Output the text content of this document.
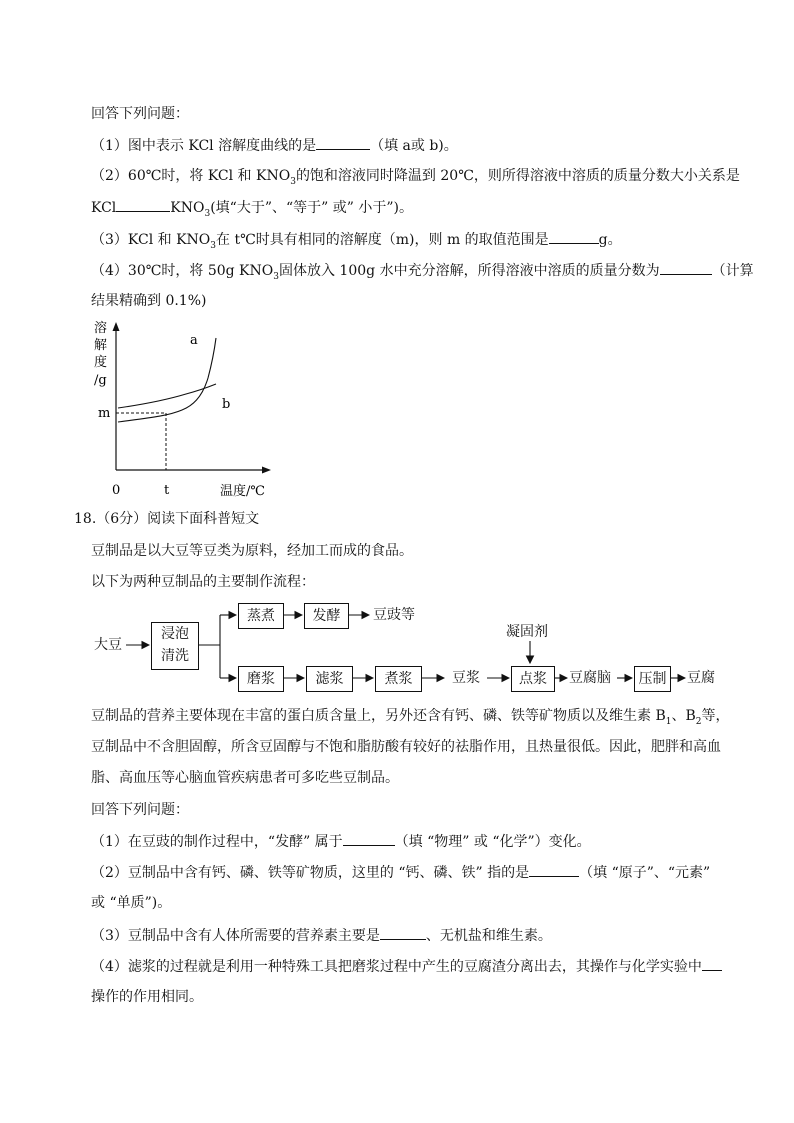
回答下列问题：
（1）图中表示 KCl 溶解度曲线的是	（填 a或 b)。
（2）60℃时，将 KCl 和 $KNO_3$的饱和溶液同时降温到 20℃，则所得溶液中溶质的质量分数大小关系是
KCl	$KNO_3$(填“大于”、“等于” 或” 小于”)。
（3）KCl 和 $KNO_3$在 t℃时具有相同的溶解度（m)，则 m 的取值范围是	g。
（4）30℃时，将 50g $KNO_3$固体放入 100g 水中充分溶解，所得溶液中溶质的质量分数为	（计算
结果精确到 0.1%)
溶
解
度
/g
m
a
b
0	t	温度/℃
18.（6分）阅读下面科普短文
豆制品是以大豆等豆类为原料，经加工而成的食品。
以下为两种豆制品的主要制作流程：
大豆
浸泡
清洗
蒸煮	发酵	豆豉等
磨浆	滤浆	煮浆	豆浆
凝固剂
点浆	豆腐脑	压制	豆腐
豆制品的营养主要体现在丰富的蛋白质含量上，另外还含有钙、磷、铁等矿物质以及维生素 $B_1$、$B_2$等，
豆制品中不含胆固醇，所含豆固醇与不饱和脂肪酸有较好的祛脂作用，且热量很低。因此，肥胖和高血
脂、高血压等心脑血管疾病患者可多吃些豆制品。
回答下列问题：
（1）在豆豉的制作过程中，“发酵” 属于	（填 “物理” 或 “化学”）变化。
（2）豆制品中含有钙、磷、铁等矿物质，这里的 “钙、磷、铁” 指的是	（填 “原子”、“元素”
或 “单质”)。
（3）豆制品中含有人体所需要的营养素主要是	、无机盐和维生素。
（4）滤浆的过程就是利用一种特殊工具把磨浆过程中产生的豆腐渣分离出去，其操作与化学实验中
操作的作用相同。
